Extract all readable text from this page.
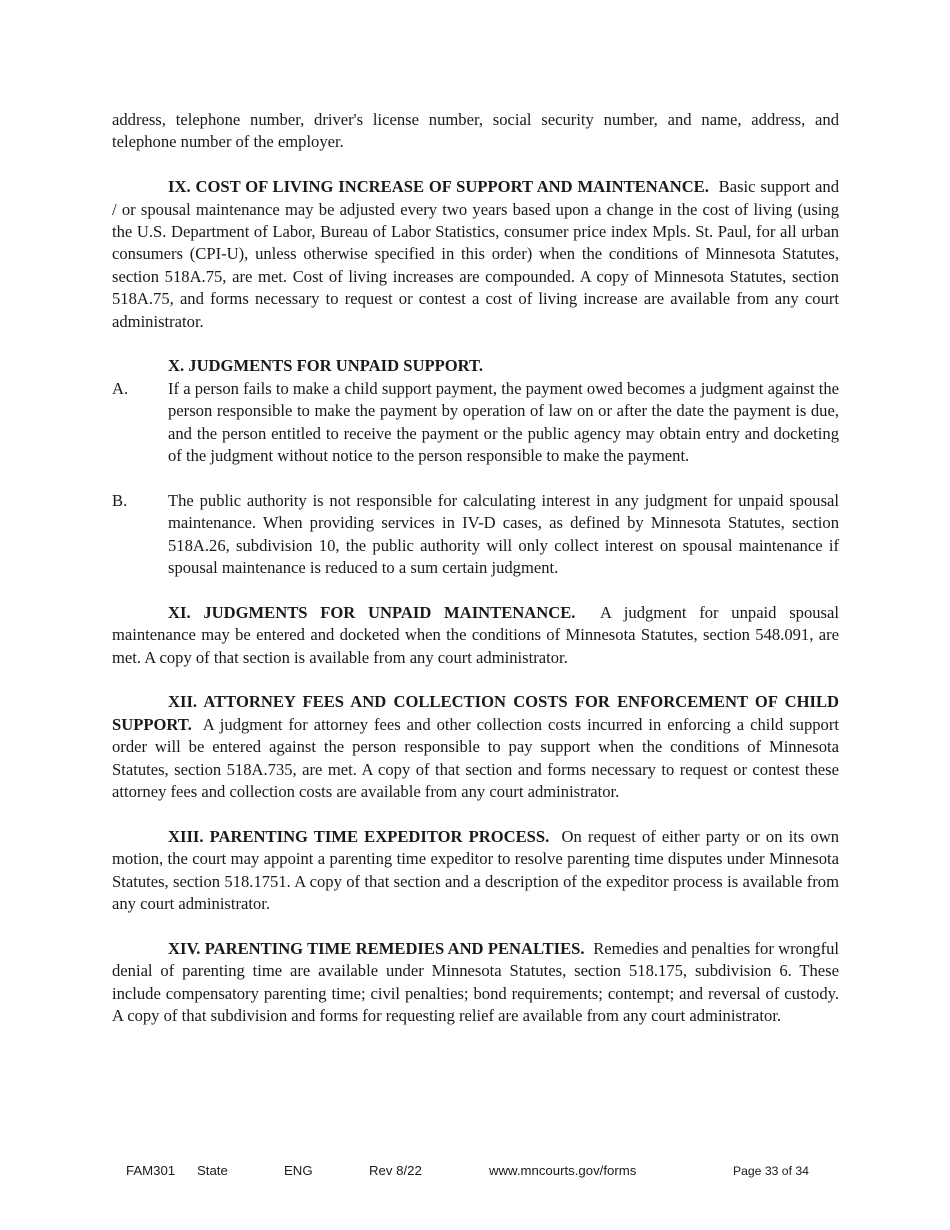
address, telephone number, driver's license number, social security number, and name, address, and telephone number of the employer.

IX. COST OF LIVING INCREASE OF SUPPORT AND MAINTENANCE. Basic support and / or spousal maintenance may be adjusted every two years based upon a change in the cost of living (using the U.S. Department of Labor, Bureau of Labor Statistics, consumer price index Mpls. St. Paul, for all urban consumers (CPI-U), unless otherwise specified in this order) when the conditions of Minnesota Statutes, section 518A.75, are met. Cost of living increases are compounded. A copy of Minnesota Statutes, section 518A.75, and forms necessary to request or contest a cost of living increase are available from any court administrator.

X. JUDGMENTS FOR UNPAID SUPPORT.

A. If a person fails to make a child support payment, the payment owed becomes a judgment against the person responsible to make the payment by operation of law on or after the date the payment is due, and the person entitled to receive the payment or the public agency may obtain entry and docketing of the judgment without notice to the person responsible to make the payment.

B. The public authority is not responsible for calculating interest in any judgment for unpaid spousal maintenance. When providing services in IV-D cases, as defined by Minnesota Statutes, section 518A.26, subdivision 10, the public authority will only collect interest on spousal maintenance if spousal maintenance is reduced to a sum certain judgment.

XI. JUDGMENTS FOR UNPAID MAINTENANCE. A judgment for unpaid spousal maintenance may be entered and docketed when the conditions of Minnesota Statutes, section 548.091, are met. A copy of that section is available from any court administrator.

XII. ATTORNEY FEES AND COLLECTION COSTS FOR ENFORCEMENT OF CHILD SUPPORT. A judgment for attorney fees and other collection costs incurred in enforcing a child support order will be entered against the person responsible to pay support when the conditions of Minnesota Statutes, section 518A.735, are met. A copy of that section and forms necessary to request or contest these attorney fees and collection costs are available from any court administrator.

XIII. PARENTING TIME EXPEDITOR PROCESS. On request of either party or on its own motion, the court may appoint a parenting time expeditor to resolve parenting time disputes under Minnesota Statutes, section 518.1751. A copy of that section and a description of the expeditor process is available from any court administrator.

XIV. PARENTING TIME REMEDIES AND PENALTIES. Remedies and penalties for wrongful denial of parenting time are available under Minnesota Statutes, section 518.175, subdivision 6. These include compensatory parenting time; civil penalties; bond requirements; contempt; and reversal of custody. A copy of that subdivision and forms for requesting relief are available from any court administrator.

FAM301 State	ENG	Rev 8/22	www.mncourts.gov/forms	Page 33 of 34
